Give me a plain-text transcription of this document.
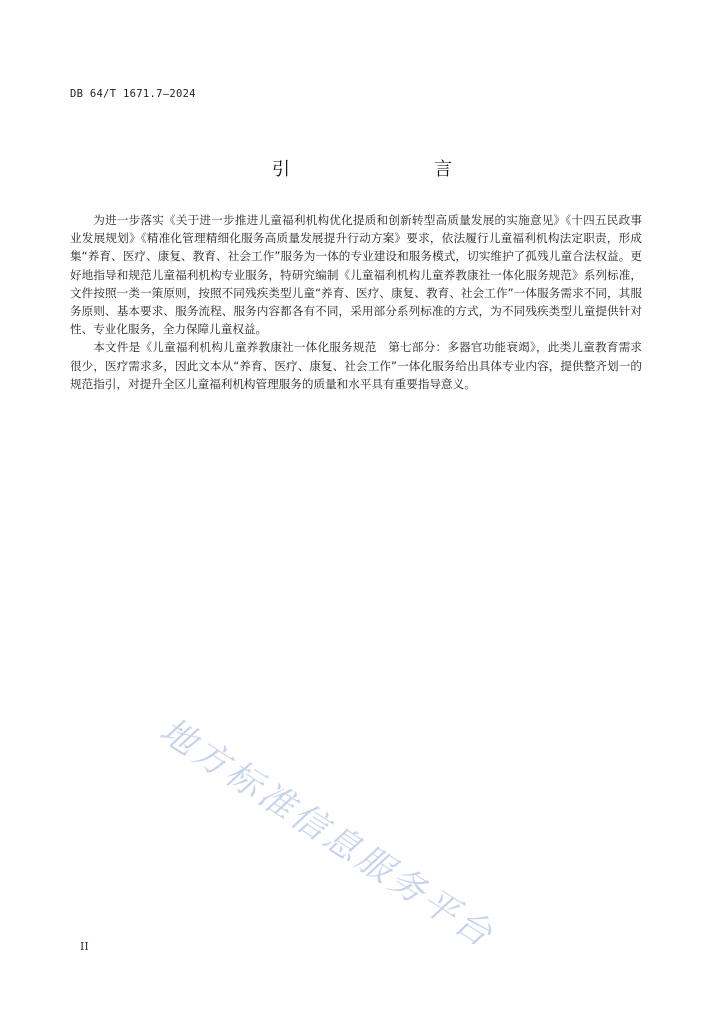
DB 64/T 1671.7—2024
引　　言

为进一步落实《关于进一步推进儿童福利机构优化提质和创新转型高质量发展的实施意见》《十四五民政事业发展规划》《精准化管理精细化服务高质量发展提升行动方案》要求，依法履行儿童福利机构法定职责，形成集“养育、医疗、康复、教育、社会工作”服务为一体的专业建设和服务模式，切实维护了孤残儿童合法权益。更好地指导和规范儿童福利机构专业服务，特研究编制《儿童福利机构儿童养教康社一体化服务规范》系列标准，文件按照一类一策原则，按照不同残疾类型儿童“养育、医疗、康复、教育、社会工作”一体服务需求不同，其服务原则、基本要求、服务流程、服务内容都各有不同，采用部分系列标准的方式，为不同残疾类型儿童提供针对性、专业化服务，全力保障儿童权益。

本文件是《儿童福利机构儿童养教康社一体化服务规范　第七部分：多器官功能衰竭》，此类儿童教育需求很少，医疗需求多，因此文本从“养育、医疗、康复、社会工作”一体化服务给出具体专业内容，提供整齐划一的规范指引，对提升全区儿童福利机构管理服务的质量和水平具有重要指导意义。

地方标准信息服务平台
II
